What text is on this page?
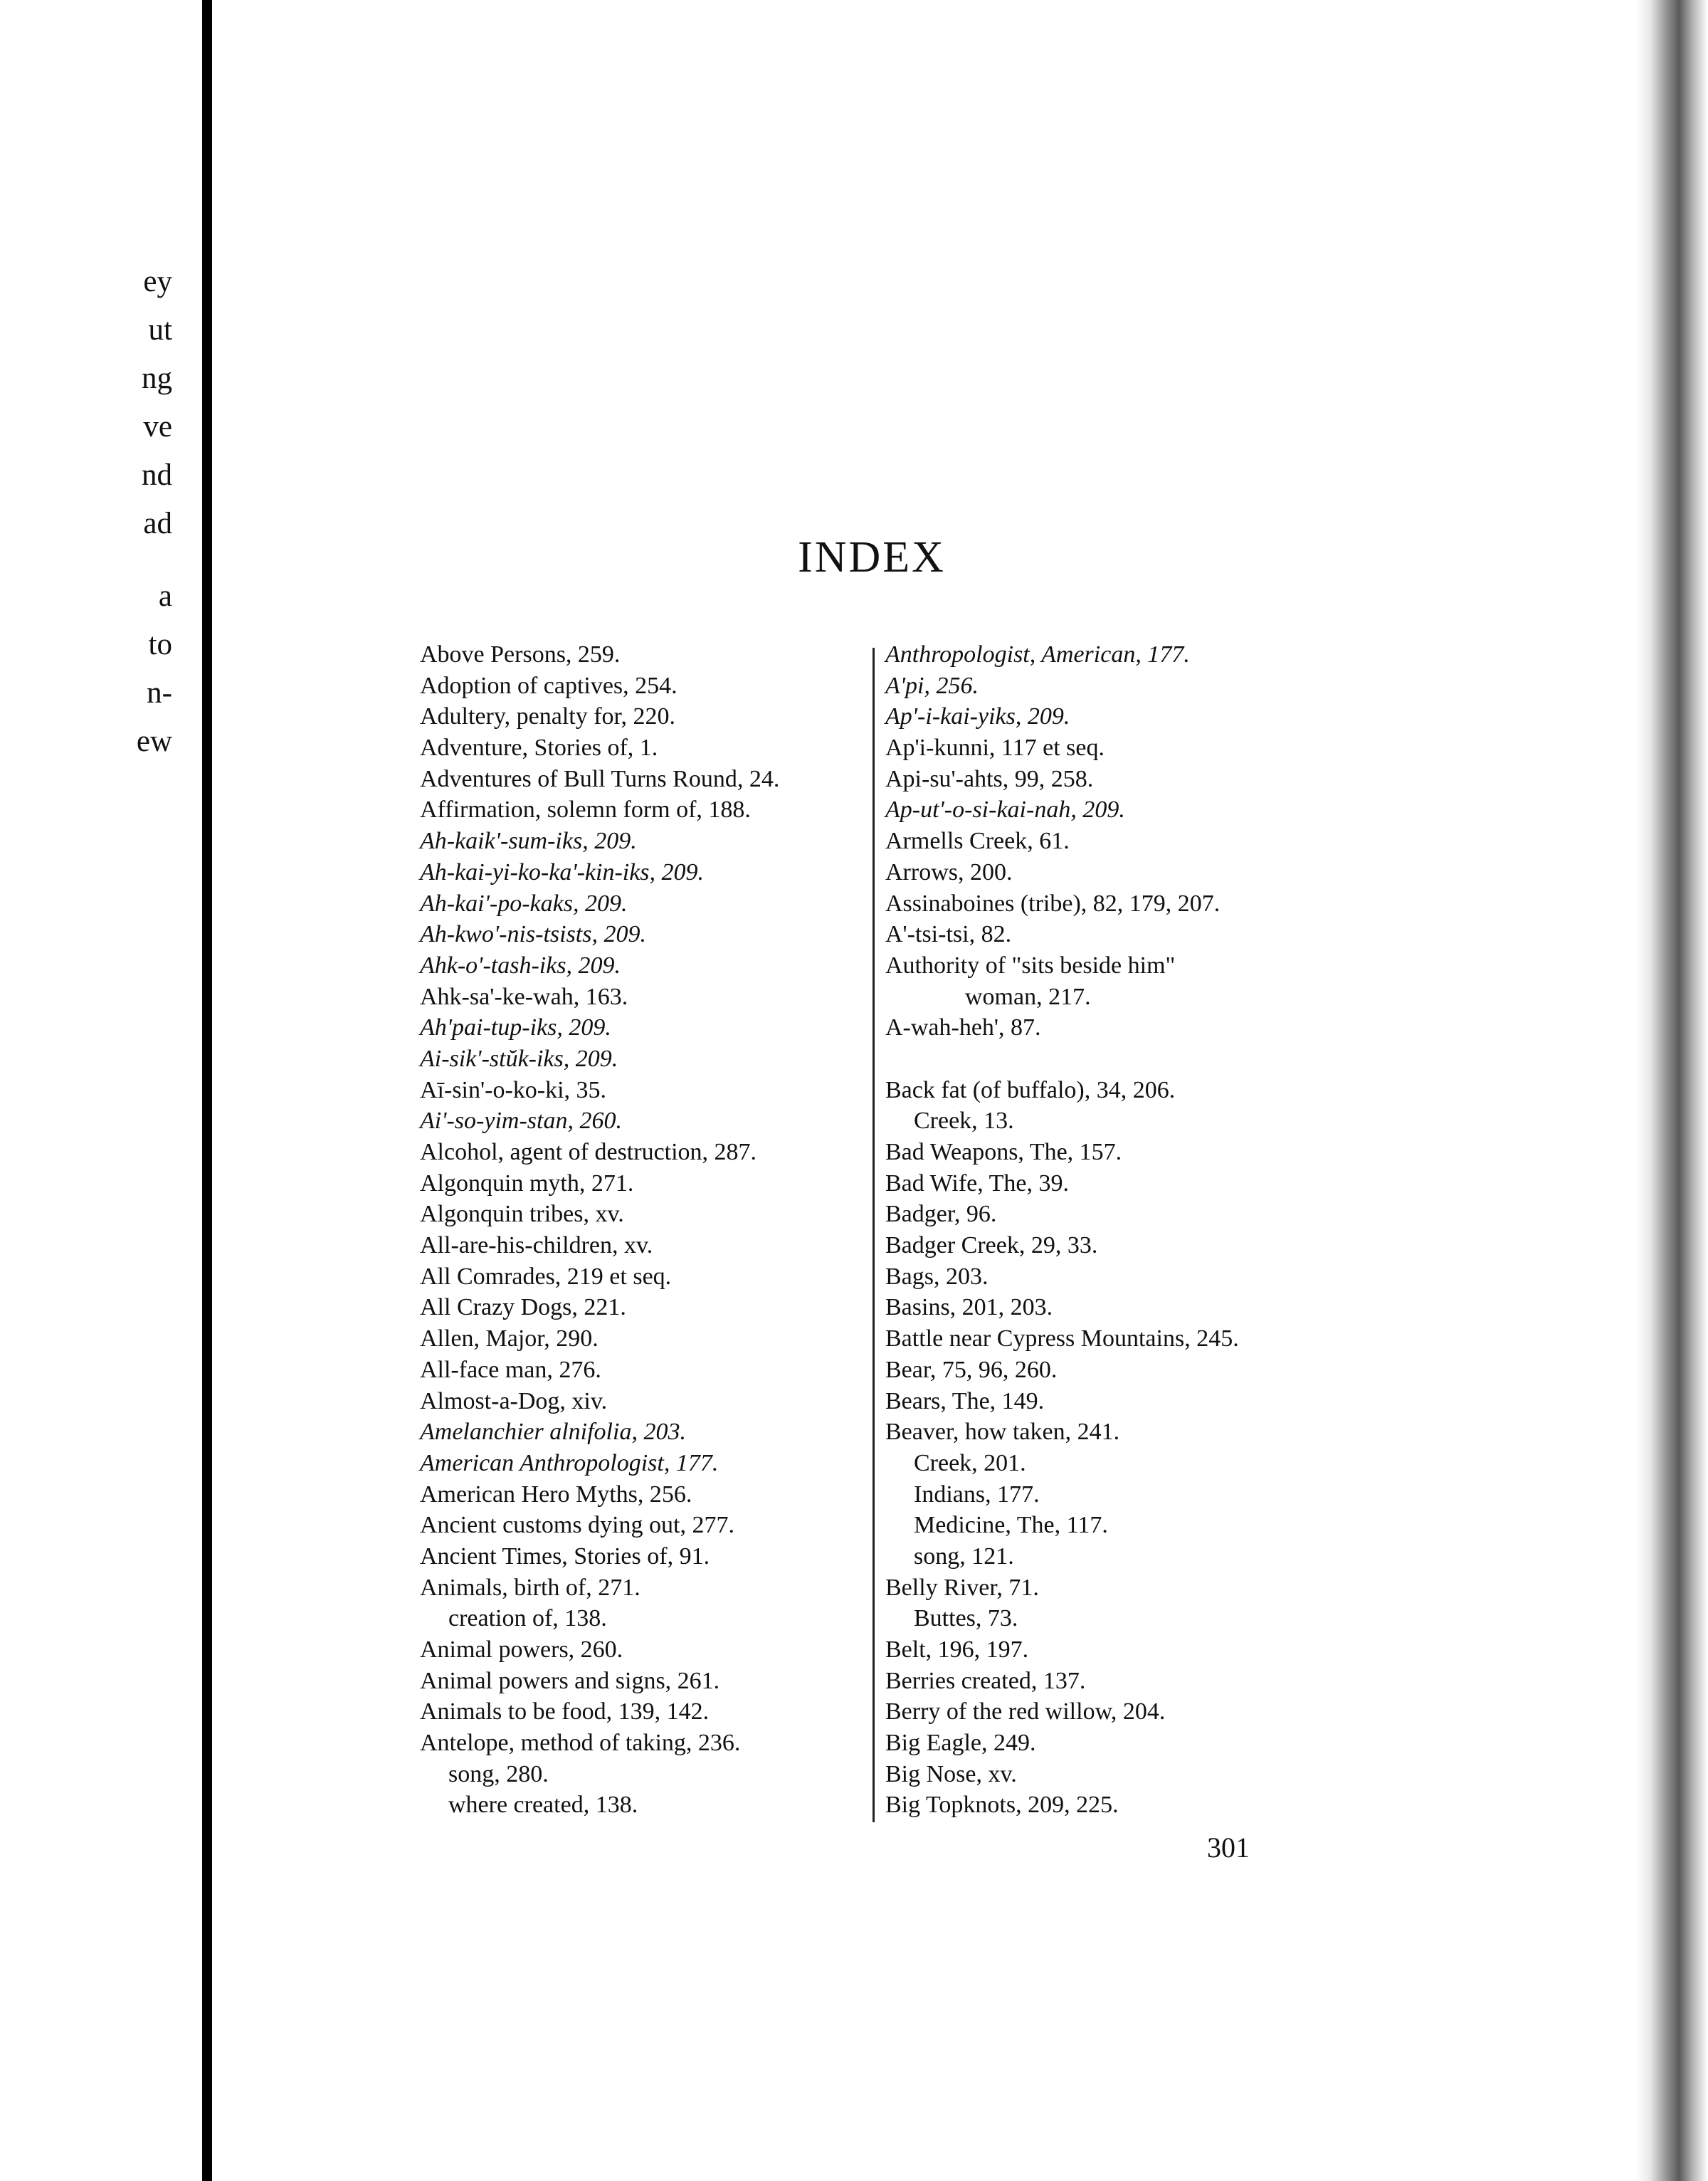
ey
ut
ng
ve
nd
ad
a
to
n-
ew
INDEX
Above Persons, 259.
Adoption of captives, 254.
Adultery, penalty for, 220.
Adventure, Stories of, 1.
Adventures of Bull Turns Round, 24.
Affirmation, solemn form of, 188.
Ah-kaik'-sum-iks, 209.
Ah-kai-yi-ko-ka'-kin-iks, 209.
Ah-kai'-po-kaks, 209.
Ah-kwo'-nis-tsists, 209.
Ahk-o'-tash-iks, 209.
Ahk-sa'-ke-wah, 163.
Ah'pai-tup-iks, 209.
Ai-sik'-stŭk-iks, 209.
Aī-sin'-o-ko-ki, 35.
Ai'-so-yim-stan, 260.
Alcohol, agent of destruction, 287.
Algonquin myth, 271.
Algonquin tribes, xv.
All-are-his-children, xv.
All Comrades, 219 et seq.
All Crazy Dogs, 221.
Allen, Major, 290.
All-face man, 276.
Almost-a-Dog, xiv.
Amelanchier alnifolia, 203.
American Anthropologist, 177.
American Hero Myths, 256.
Ancient customs dying out, 277.
Ancient Times, Stories of, 91.
Animals, birth of, 271.
creation of, 138.
Animal powers, 260.
Animal powers and signs, 261.
Animals to be food, 139, 142.
Antelope, method of taking, 236.
song, 280.
where created, 138.
Anthropologist, American, 177.
A'pi, 256.
Ap'-i-kai-yiks, 209.
Ap'i-kunni, 117 et seq.
Api-su'-ahts, 99, 258.
Ap-ut'-o-si-kai-nah, 209.
Armells Creek, 61.
Arrows, 200.
Assinaboines (tribe), 82, 179, 207.
A'-tsi-tsi, 82.
Authority of "sits beside him"
woman, 217.
A-wah-heh', 87.
Back fat (of buffalo), 34, 206.
Creek, 13.
Bad Weapons, The, 157.
Bad Wife, The, 39.
Badger, 96.
Badger Creek, 29, 33.
Bags, 203.
Basins, 201, 203.
Battle near Cypress Mountains, 245.
Bear, 75, 96, 260.
Bears, The, 149.
Beaver, how taken, 241.
Creek, 201.
Indians, 177.
Medicine, The, 117.
song, 121.
Belly River, 71.
Buttes, 73.
Belt, 196, 197.
Berries created, 137.
Berry of the red willow, 204.
Big Eagle, 249.
Big Nose, xv.
Big Topknots, 209, 225.

301
